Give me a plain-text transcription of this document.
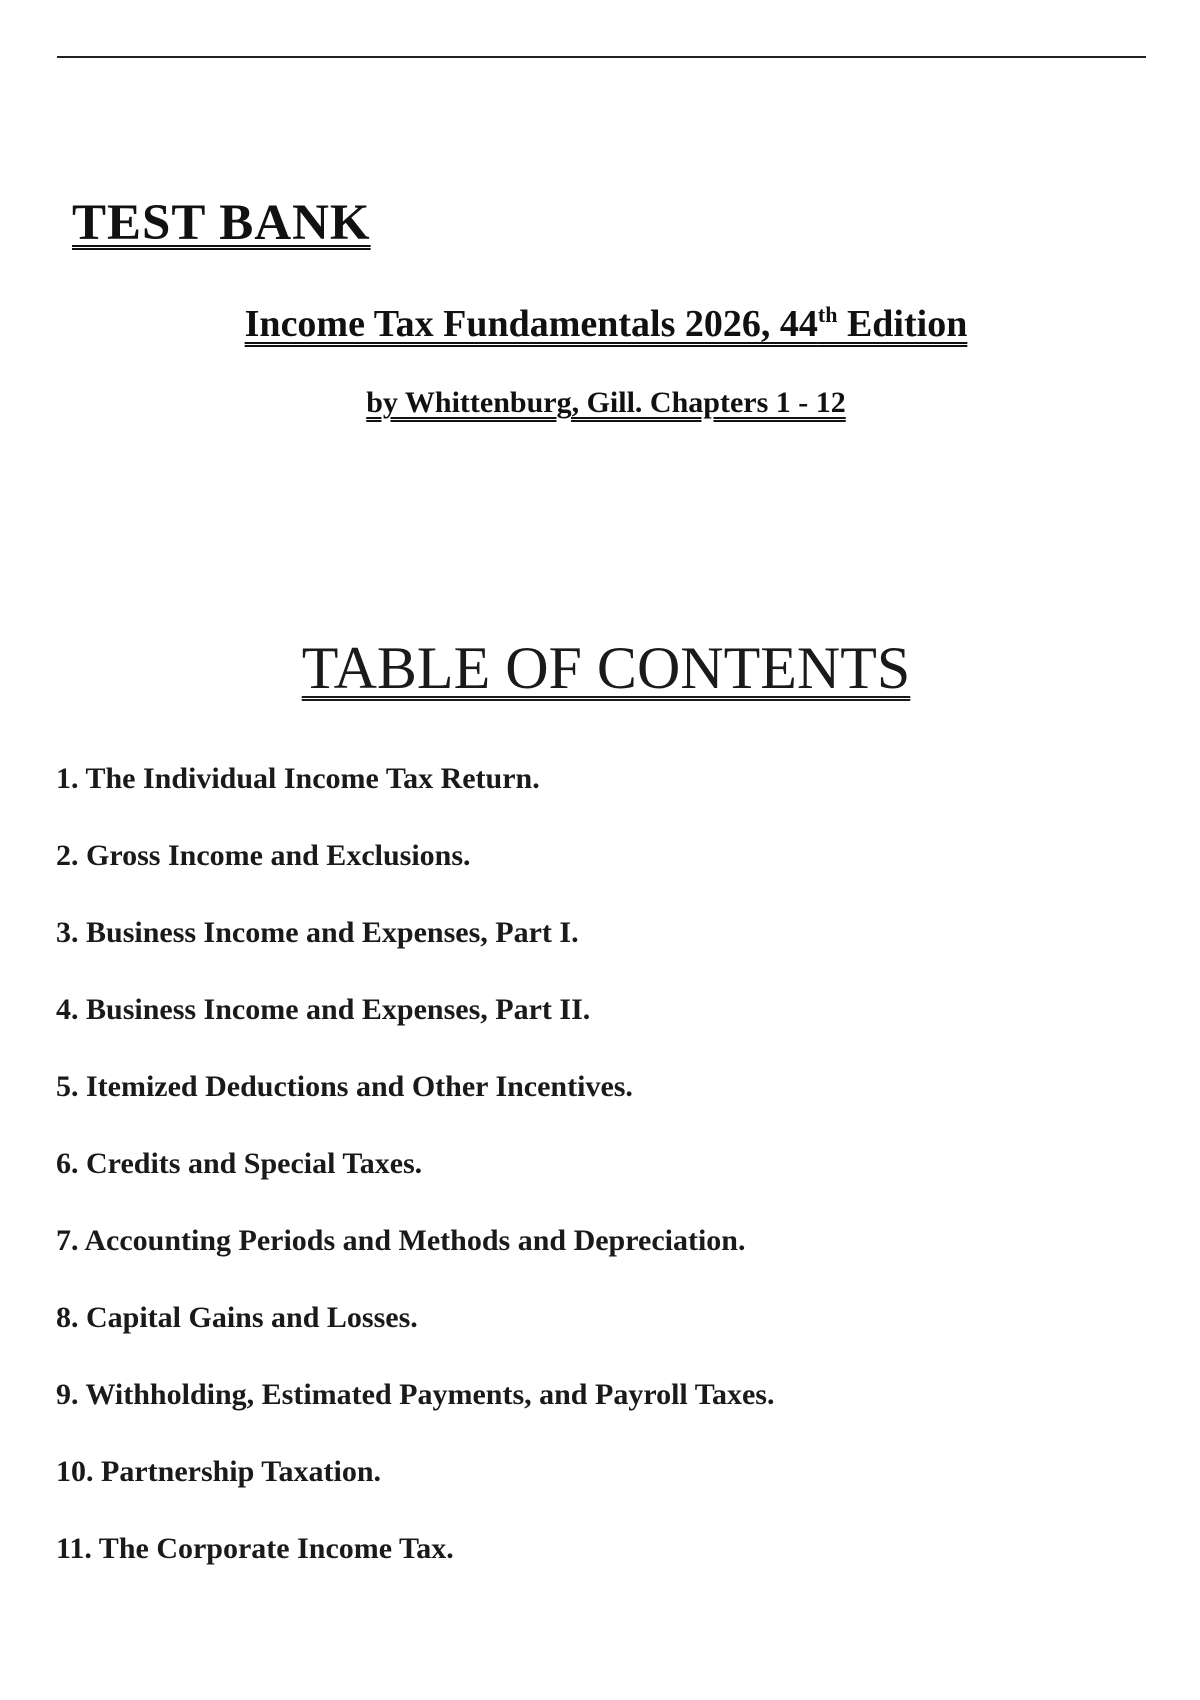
TEST BANK
Income Tax Fundamentals 2026, 44th Edition
by Whittenburg, Gill. Chapters 1 - 12
TABLE OF CONTENTS
1. The Individual Income Tax Return.
2. Gross Income and Exclusions.
3. Business Income and Expenses, Part I.
4. Business Income and Expenses, Part II.
5. Itemized Deductions and Other Incentives.
6. Credits and Special Taxes.
7. Accounting Periods and Methods and Depreciation.
8. Capital Gains and Losses.
9. Withholding, Estimated Payments, and Payroll Taxes.
10. Partnership Taxation.
11. The Corporate Income Tax.
